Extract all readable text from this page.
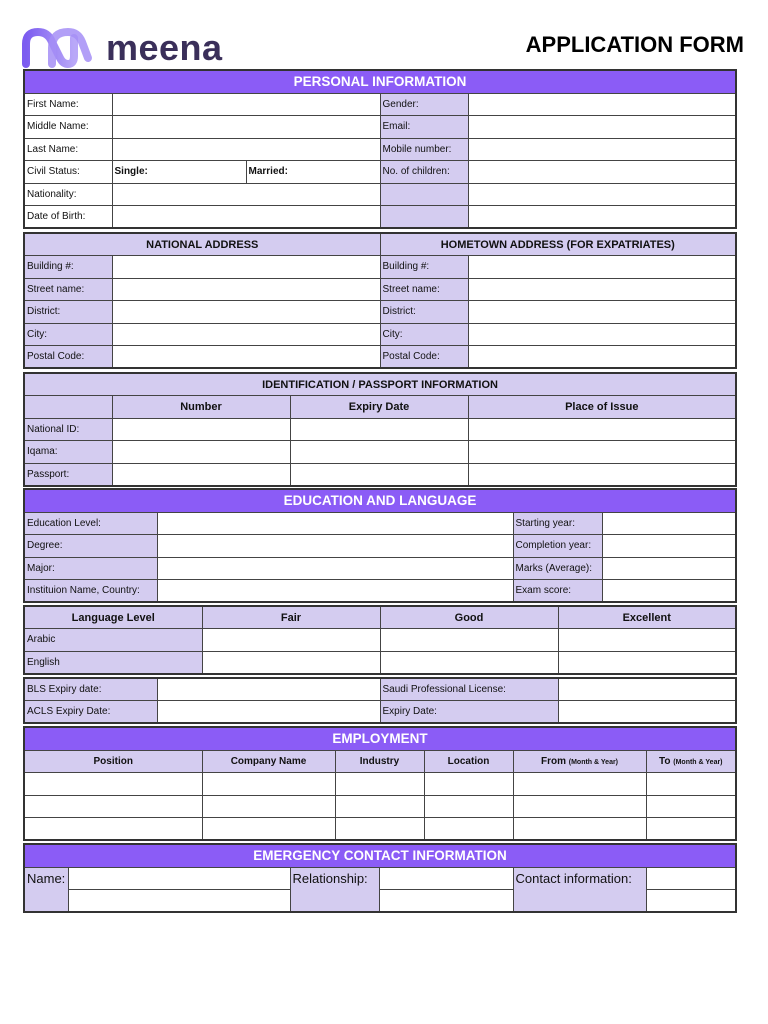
meena	APPLICATION FORM
PERSONAL INFORMATION				
First Name:			Gender:	
Middle Name:			Email:	
Last Name:			Mobile number:	
Civil Status:	Single:	Married:	No. of children:	
Nationality:				
Date of Birth:				
NATIONAL ADDRESS		HOMETOWN ADDRESS (FOR EXPATRIATES)	
Building #:		Building #:	
Street name:		Street name:	
District:		District:	
City:		City:	
Postal Code:		Postal Code:	
IDENTIFICATION / PASSPORT INFORMATION			
	Number	Expiry Date	Place of Issue
National ID:			
Iqama:			
Passport:			
EDUCATION AND LANGUAGE			
Education Level:		Starting year:	
Degree:		Completion year:	
Major:		Marks (Average):	
Instituion Name, Country:		Exam score:	
Language Level	Fair	Good	Excellent
Arabic			
English			
BLS Expiry date:		Saudi Professional License:	
ACLS Expiry Date:		Expiry Date:	
EMPLOYMENT					
Position	Company Name	Industry	Location	From (Month & Year)	To (Month & Year)

EMERGENCY CONTACT INFORMATION					
Name:		Relationship:		Contact information:	
